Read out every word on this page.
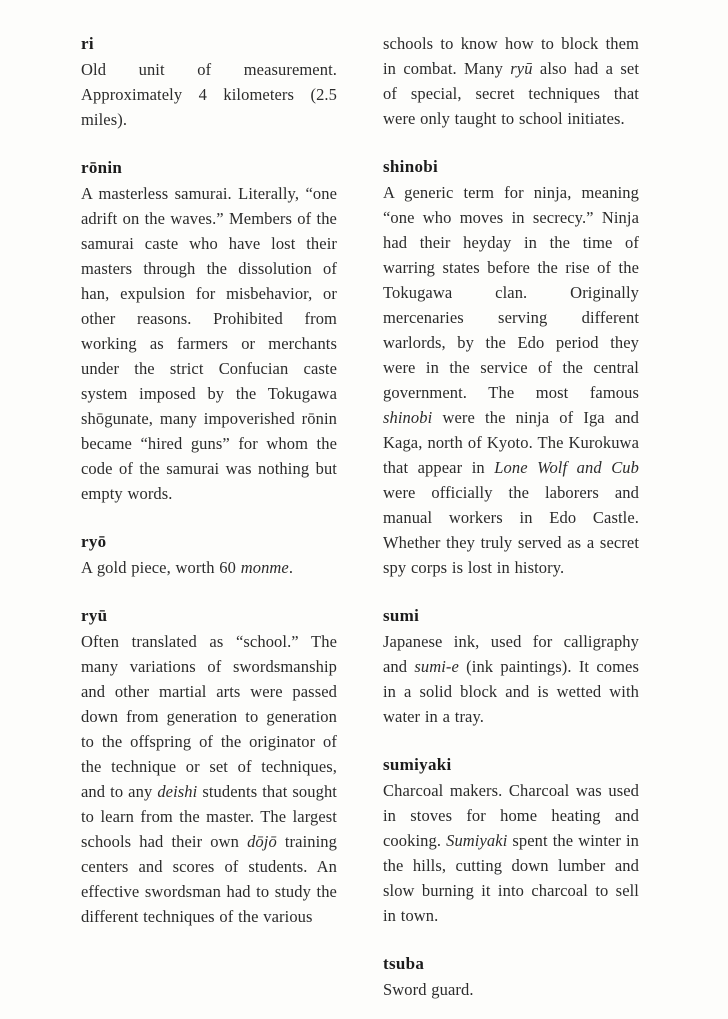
ri

Old unit of measurement. Approximately 4 kilometers (2.5 miles).

rōnin

A masterless samurai. Literally, “one adrift on the waves.” Members of the samurai caste who have lost their masters through the dissolution of han, expulsion for misbehavior, or other reasons. Prohibited from working as farmers or merchants under the strict Confucian caste system imposed by the Tokugawa shōgunate, many impoverished rōnin became “hired guns” for whom the code of the samurai was nothing but empty words.

ryō

A gold piece, worth 60 monme.

ryū

Often translated as “school.” The many variations of swordsmanship and other martial arts were passed down from generation to generation to the offspring of the originator of the technique or set of techniques, and to any deishi students that sought to learn from the master. The largest schools had their own dōjō training centers and scores of students. An effective swordsman had to study the different techniques of the various

schools to know how to block them in combat. Many ryū also had a set of special, secret techniques that were only taught to school initiates.

shinobi

A generic term for ninja, meaning “one who moves in secrecy.” Ninja had their heyday in the time of warring states before the rise of the Tokugawa clan. Originally mercenaries serving different warlords, by the Edo period they were in the service of the central government. The most famous shinobi were the ninja of Iga and Kaga, north of Kyoto. The Kurokuwa that appear in Lone Wolf and Cub were officially the laborers and manual workers in Edo Castle. Whether they truly served as a secret spy corps is lost in history.

sumi

Japanese ink, used for calligraphy and sumi-e (ink paintings). It comes in a solid block and is wetted with water in a tray.

sumiyaki

Charcoal makers. Charcoal was used in stoves for home heating and cooking. Sumiyaki spent the winter in the hills, cutting down lumber and slow burning it into charcoal to sell in town.

tsuba

Sword guard.
